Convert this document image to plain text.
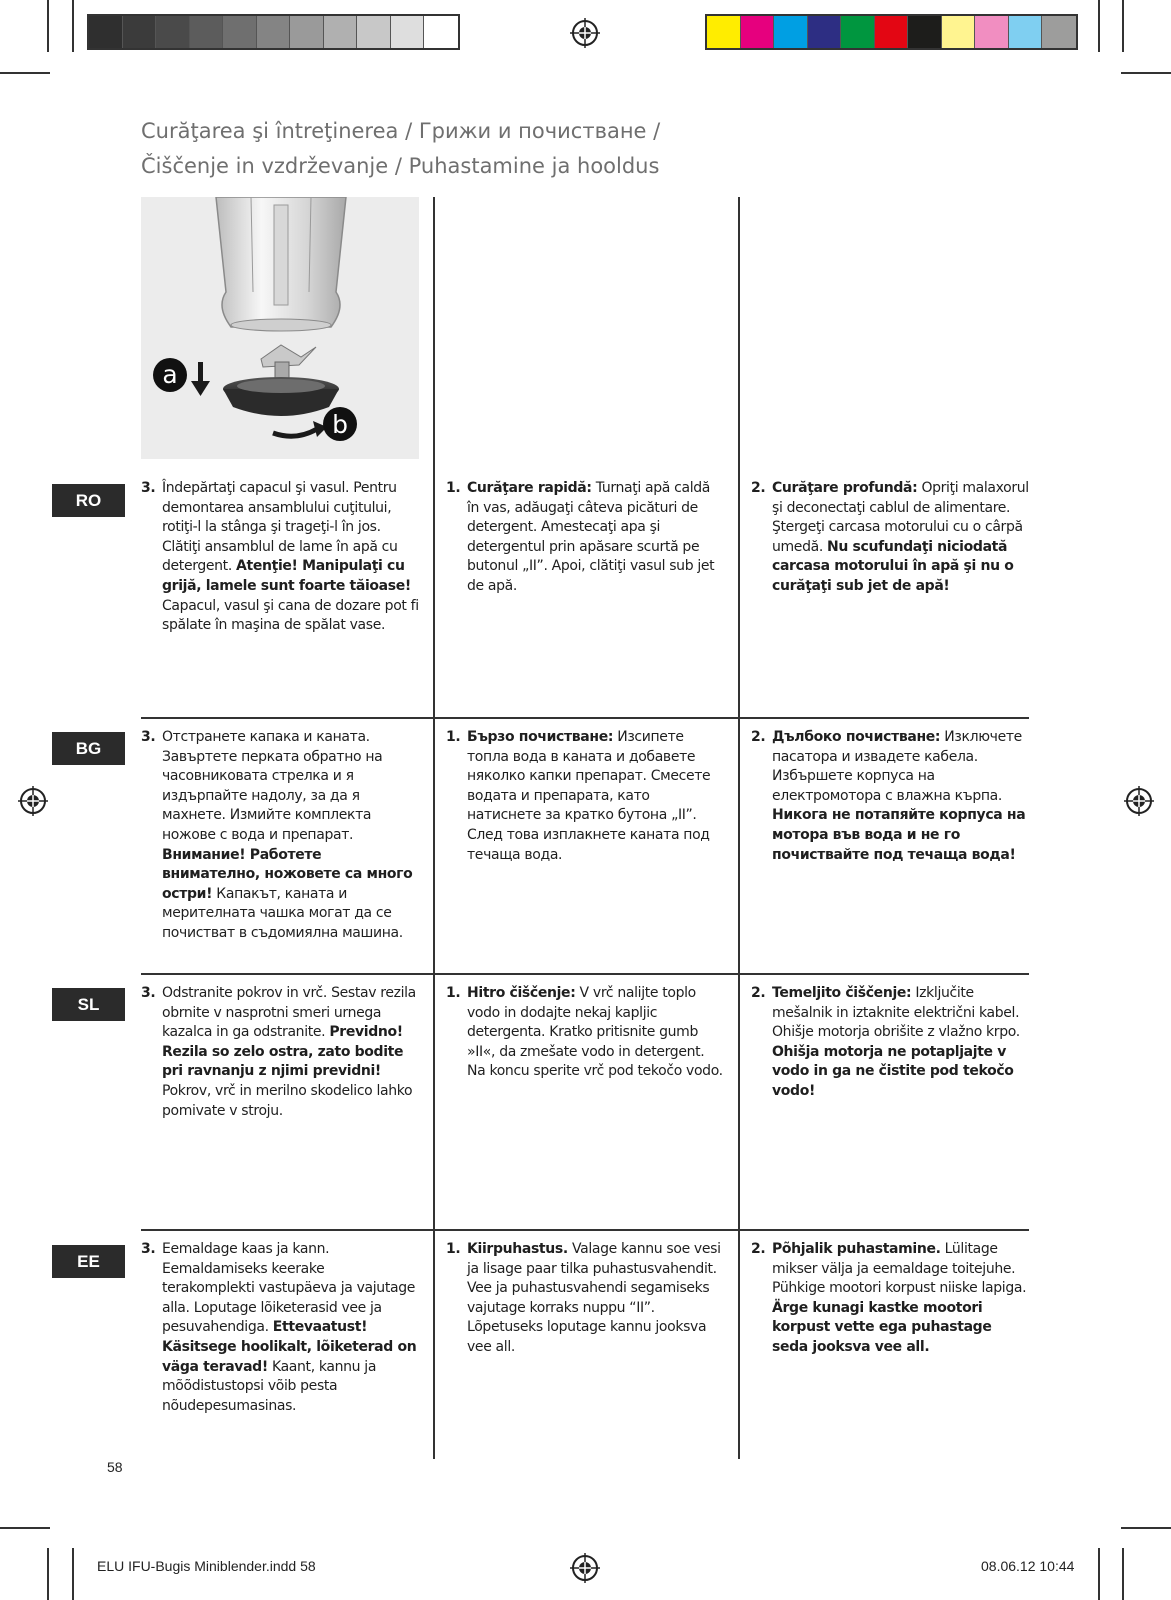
Curăţarea şi întreţinerea / Грижи и почистване /
Čiščenje in vzdrževanje / Puhastamine ja hooldus
a
b
RO
3. Îndepărtaţi capacul şi vasul. Pentru demontarea ansamblului cuţitului, rotiţi-l la stânga şi trageţi-l în jos. Clătiţi ansamblul de lame în apă cu detergent. Atenţie! Manipulaţi cu grijă, lamele sunt foarte tăioase! Capacul, vasul şi cana de dozare pot fi spălate în maşina de spălat vase.
1. Curăţare rapidă: Turnaţi apă caldă în vas, adăugaţi câteva picături de detergent. Amestecaţi apa şi detergentul prin apăsare scurtă pe butonul „II”. Apoi, clătiţi vasul sub jet de apă.
2. Curăţare profundă: Opriţi malaxorul şi deconectaţi cablul de alimentare. Ştergeţi carcasa motorului cu o cârpă umedă. Nu scufundaţi niciodată carcasa motorului în apă şi nu o curăţaţi sub jet de apă!
BG
3. Отстранете капака и каната. Завъртете перката обратно на часовниковата стрелка и я издърпайте надолу, за да я махнете. Измийте комплекта ножове с вода и препарат. Внимание! Работете внимателно, ножовете са много остри! Капакът, каната и мерителната чашка могат да се почистват в съдомиялна машина.
1. Бързо почистване: Изсипете топла вода в каната и добавете няколко капки препарат. Смесете водата и препарата, като натиснете за кратко бутона „II”. След това изплакнете каната под течаща вода.
2. Дълбоко почистване: Изключете пасатора и извадете кабела. Избършете корпуса на електромотора с влажна кърпа. Никога не потапяйте корпуса на мотора във вода и не го почиствайте под течаща вода!
SL
3. Odstranite pokrov in vrč. Sestav rezila obrnite v nasprotni smeri urnega kazalca in ga odstranite. Previdno! Rezila so zelo ostra, zato bodite pri ravnanju z njimi previdni! Pokrov, vrč in merilno skodelico lahko pomivate v stroju.
1. Hitro čiščenje: V vrč nalijte toplo vodo in dodajte nekaj kapljic detergenta. Kratko pritisnite gumb »II«, da zmešate vodo in detergent. Na koncu sperite vrč pod tekočo vodo.
2. Temeljito čiščenje: Izključite mešalnik in iztaknite električni kabel. Ohišje motorja obrišite z vlažno krpo. Ohišja motorja ne potapljajte v vodo in ga ne čistite pod tekočo vodo!
EE
3. Eemaldage kaas ja kann. Eemaldamiseks keerake terakomplekti vastupäeva ja vajutage alla. Loputage lõiketerasid vee ja pesuvahendiga. Ettevaatust! Käsitsege hoolikalt, lõiketerad on väga teravad! Kaant, kannu ja mõõdistustopsi võib pesta nõudepesumasinas.
1. Kiirpuhastus. Valage kannu soe vesi ja lisage paar tilka puhastusvahendit. Vee ja puhastusvahendi segamiseks vajutage korraks nuppu “II”. Lõpetuseks loputage kannu jooksva vee all.
2. Põhjalik puhastamine. Lülitage mikser välja ja eemaldage toitejuhe. Pühkige mootori korpust niiske lapiga. Ärge kunagi kastke mootori korpust vette ega puhastage seda jooksva vee all.
58
ELU IFU-Bugis Miniblender.indd 58	08.06.12 10:44
